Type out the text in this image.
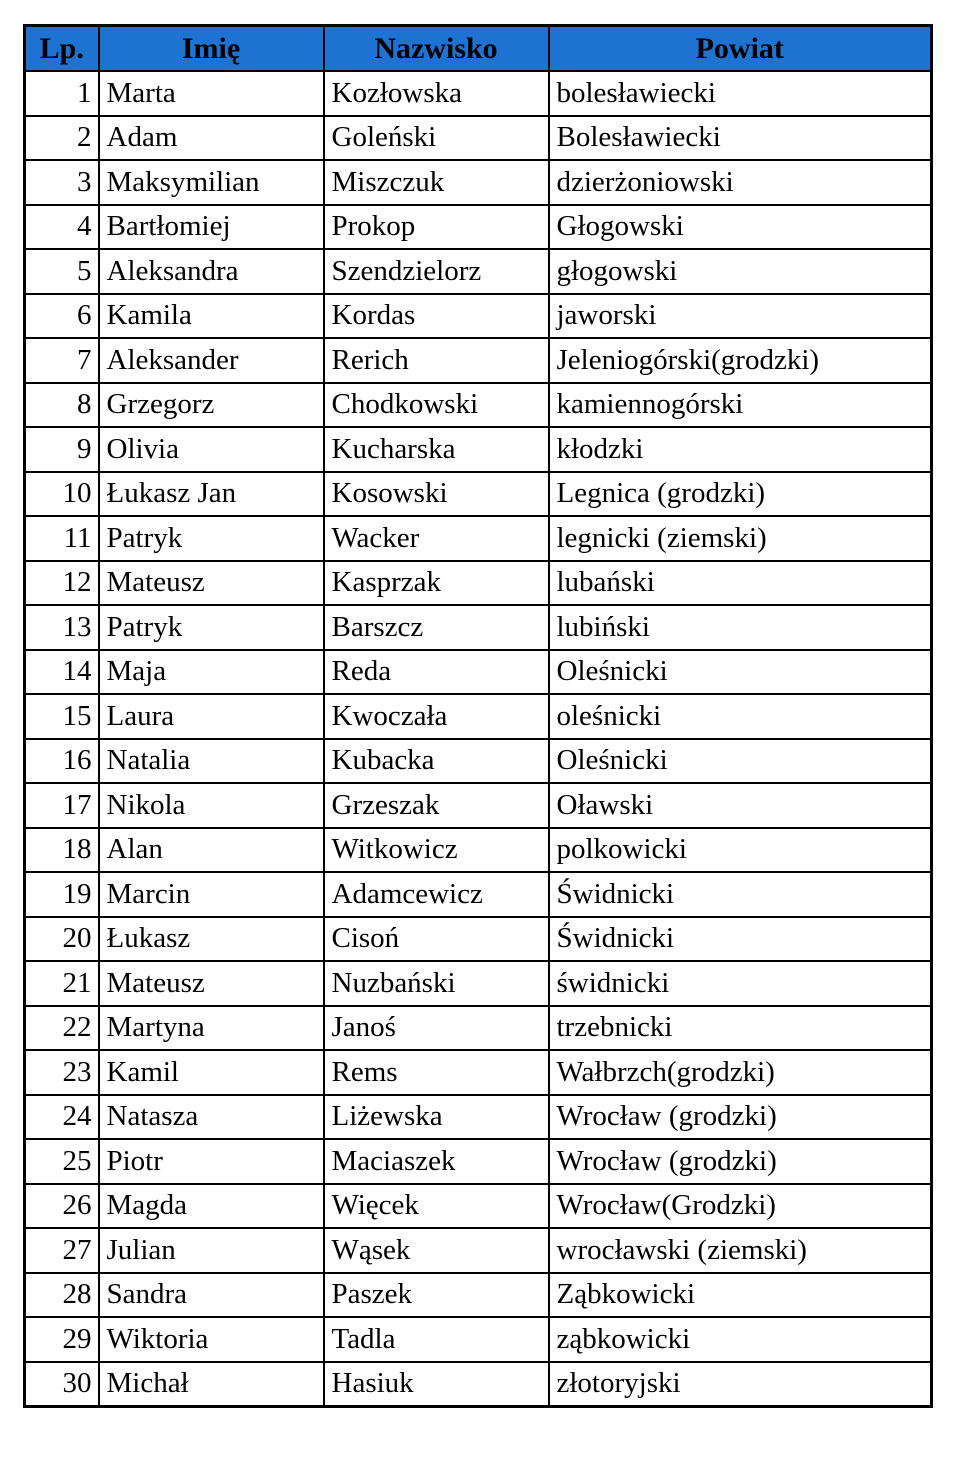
Lp.	Imię	Nazwisko	Powiat
1	Marta	Kozłowska	bolesławiecki
2	Adam	Goleński	Bolesławiecki
3	Maksymilian	Miszczuk	dzierżoniowski
4	Bartłomiej	Prokop	Głogowski
5	Aleksandra	Szendzielorz	głogowski
6	Kamila	Kordas	jaworski
7	Aleksander	Rerich	Jeleniogórski(grodzki)
8	Grzegorz	Chodkowski	kamiennogórski
9	Olivia	Kucharska	kłodzki
10	Łukasz Jan	Kosowski	Legnica (grodzki)
11	Patryk	Wacker	legnicki (ziemski)
12	Mateusz	Kasprzak	lubański
13	Patryk	Barszcz	lubiński
14	Maja	Reda	Oleśnicki
15	Laura	Kwoczała	oleśnicki
16	Natalia	Kubacka	Oleśnicki
17	Nikola	Grzeszak	Oławski
18	Alan	Witkowicz	polkowicki
19	Marcin	Adamcewicz	Świdnicki
20	Łukasz	Cisoń	Świdnicki
21	Mateusz	Nuzbański	świdnicki
22	Martyna	Janoś	trzebnicki
23	Kamil	Rems	Wałbrzch(grodzki)
24	Natasza	Liżewska	Wrocław (grodzki)
25	Piotr	Maciaszek	Wrocław (grodzki)
26	Magda	Więcek	Wrocław(Grodzki)
27	Julian	Wąsek	wrocławski (ziemski)
28	Sandra	Paszek	Ząbkowicki
29	Wiktoria	Tadla	ząbkowicki
30	Michał	Hasiuk	złotoryjski
